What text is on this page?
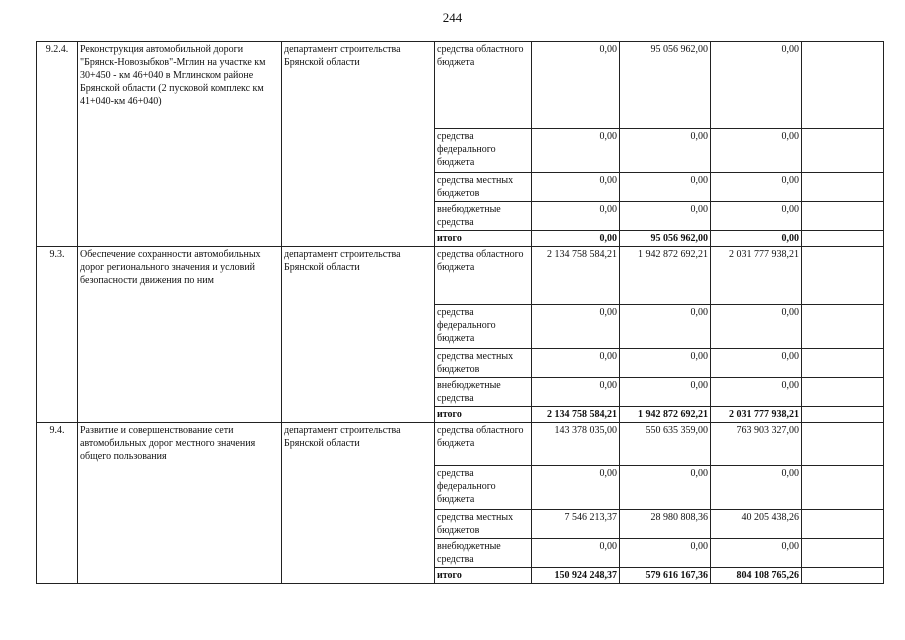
244
9.2.4.	Реконструкция автомобильной дороги "Брянск-Новозыбков"-Мглин на участке км 30+450 - км 46+040 в Мглинском районе Брянской области (2 пусковой комплекс км 41+040-км 46+040)	департамент строительства Брянской области	средства областного бюджета	0,00	95 056 962,00	0,00	
			средства федерального бюджета	0,00	0,00	0,00	
			средства местных бюджетов	0,00	0,00	0,00	
			внебюджетные средства	0,00	0,00	0,00	
			итого	0,00	95 056 962,00	0,00	
9.3.	Обеспечение сохранности автомобильных дорог регионального значения и условий безопасности движения по ним	департамент строительства Брянской области	средства областного бюджета	2 134 758 584,21	1 942 872 692,21	2 031 777 938,21	
			средства федерального бюджета	0,00	0,00	0,00	
			средства местных бюджетов	0,00	0,00	0,00	
			внебюджетные средства	0,00	0,00	0,00	
			итого	2 134 758 584,21	1 942 872 692,21	2 031 777 938,21	
9.4.	Развитие и совершенствование сети автомобильных дорог местного значения общего пользования	департамент строительства Брянской области	средства областного бюджета	143 378 035,00	550 635 359,00	763 903 327,00	
			средства федерального бюджета	0,00	0,00	0,00	
			средства местных бюджетов	7 546 213,37	28 980 808,36	40 205 438,26	
			внебюджетные средства	0,00	0,00	0,00	
			итого	150 924 248,37	579 616 167,36	804 108 765,26	
